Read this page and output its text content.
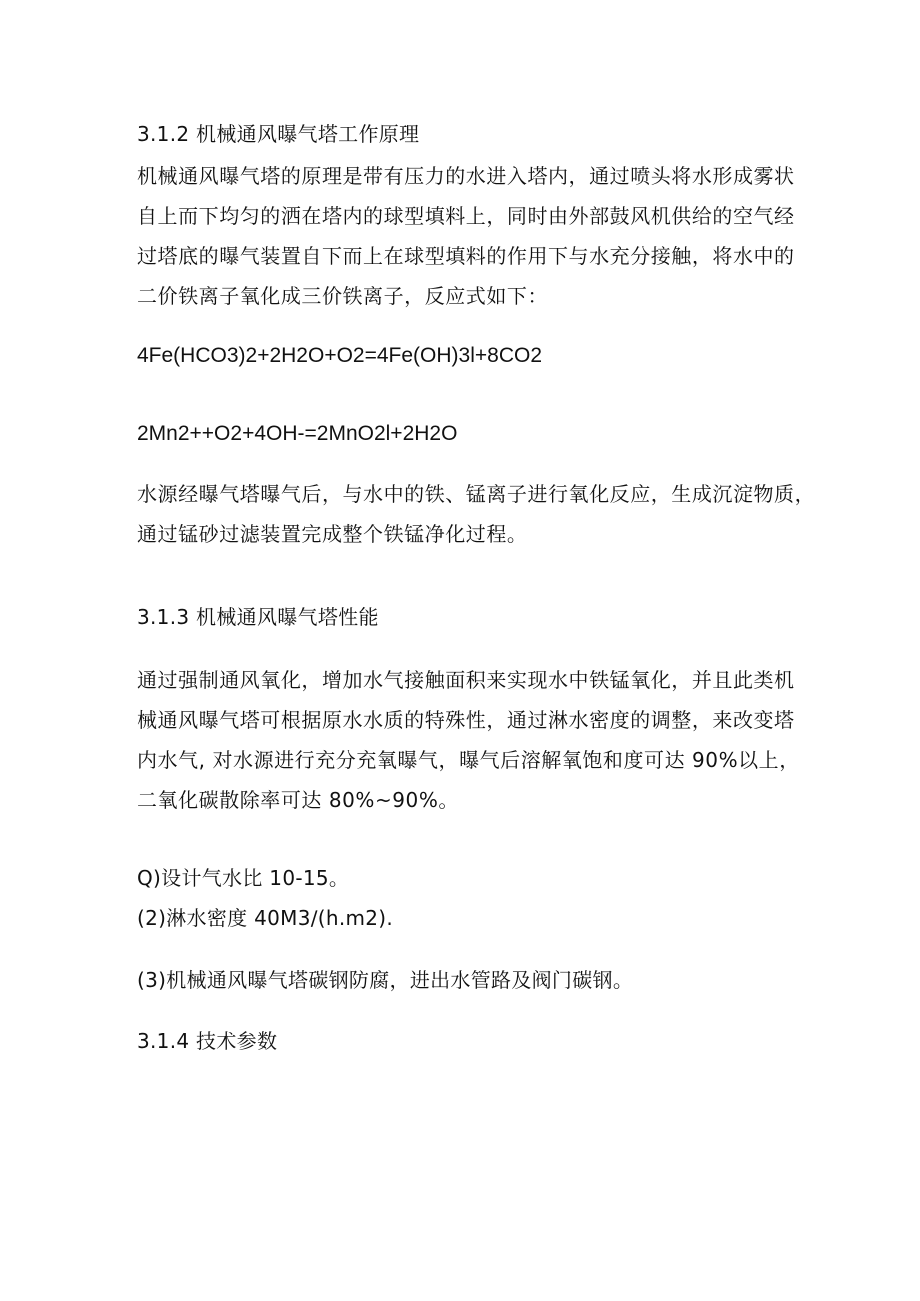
3.1.2 机械通风曝气塔工作原理
机械通风曝气塔的原理是带有压力的水进入塔内，通过喷头将水形成雾状
自上而下均匀的洒在塔内的球型填料上，同时由外部鼓风机供给的空气经
过塔底的曝气装置自下而上在球型填料的作用下与水充分接触，将水中的
二价铁离子氧化成三价铁离子，反应式如下：
4Fe(HCO3)2+2H2O+O2=4Fe(OH)3l+8CO2
2Mn2++O2+4OH-=2MnO2l+2H2O
水源经曝气塔曝气后，与水中的铁、锰离子进行氧化反应，生成沉淀物质，
通过锰砂过滤装置完成整个铁锰净化过程。
3.1.3 机械通风曝气塔性能
通过强制通风氧化，增加水气接触面积来实现水中铁锰氧化，并且此类机
械通风曝气塔可根据原水水质的特殊性，通过淋水密度的调整，来改变塔
内水气, 对水源进行充分充氧曝气，曝气后溶解氧饱和度可达 90%以上，
二氧化碳散除率可达 80%~90%。
Q)设计气水比 10-15。
(2)淋水密度 40M3∕(h.m2).
(3)机械通风曝气塔碳钢防腐，进出水管路及阀门碳钢。
3.1.4 技术参数
